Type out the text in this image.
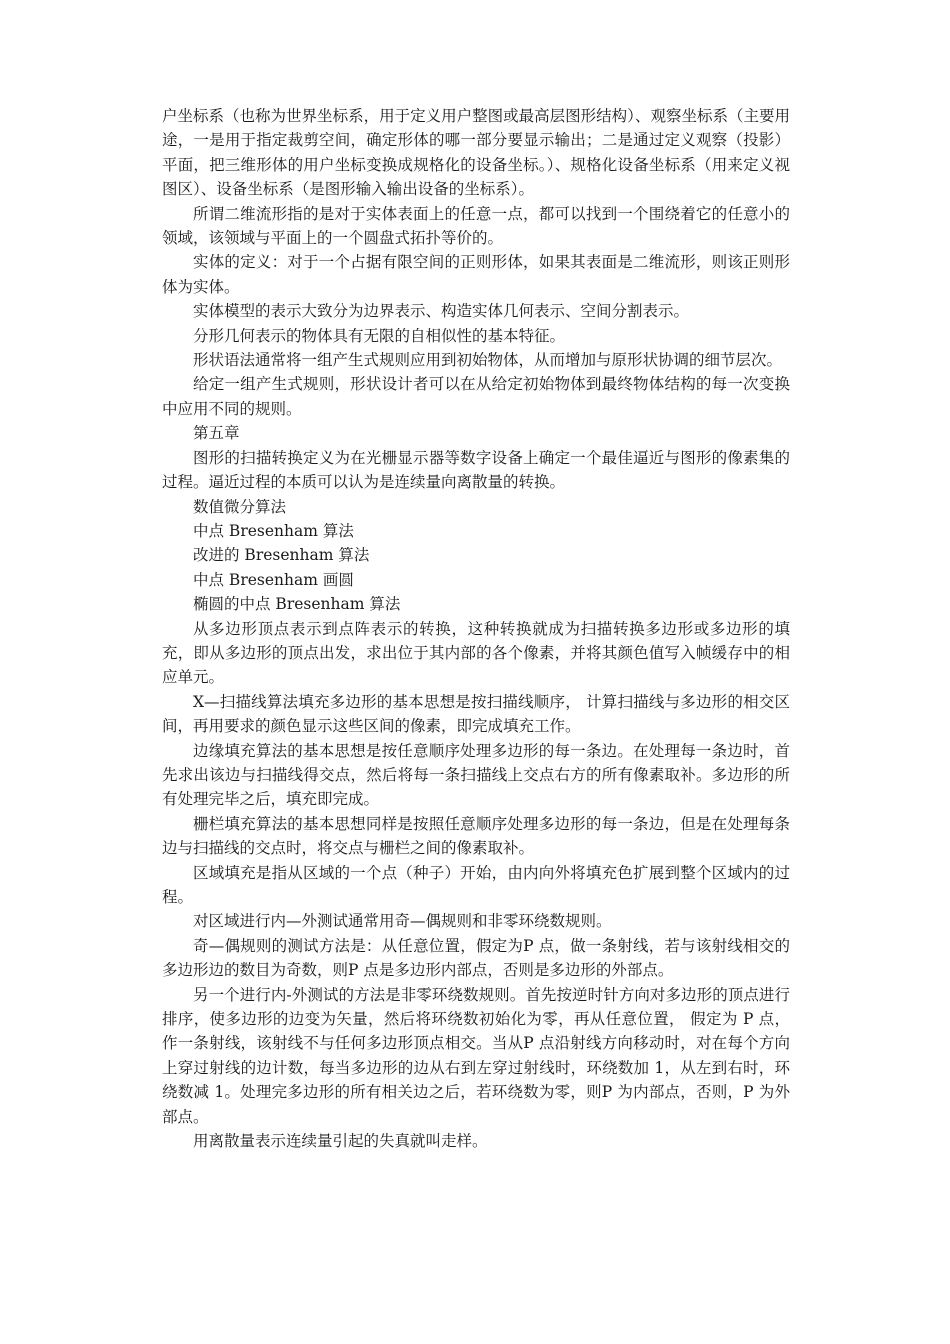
户坐标系（也称为世界坐标系，用于定义用户整图或最高层图形结构）、观察坐标系（主要用途，一是用于指定裁剪空间，确定形体的哪一部分要显示输出；二是通过定义观察（投影）平面，把三维形体的用户坐标变换成规格化的设备坐标。）、规格化设备坐标系（用来定义视图区）、设备坐标系（是图形输入输出设备的坐标系）。

所谓二维流形指的是对于实体表面上的任意一点，都可以找到一个围绕着它的任意小的领域，该领域与平面上的一个圆盘式拓扑等价的。

实体的定义：对于一个占据有限空间的正则形体，如果其表面是二维流形，则该正则形体为实体。

实体模型的表示大致分为边界表示、构造实体几何表示、空间分割表示。

分形几何表示的物体具有无限的自相似性的基本特征。

形状语法通常将一组产生式规则应用到初始物体，从而增加与原形状协调的细节层次。

给定一组产生式规则，形状设计者可以在从给定初始物体到最终物体结构的每一次变换中应用不同的规则。

第五章

图形的扫描转换定义为在光栅显示器等数字设备上确定一个最佳逼近与图形的像素集的过程。逼近过程的本质可以认为是连续量向离散量的转换。

数值微分算法

中点 Bresenham 算法

改进的 Bresenham 算法

中点 Bresenham 画圆

椭圆的中点 Bresenham 算法

从多边形顶点表示到点阵表示的转换，这种转换就成为扫描转换多边形或多边形的填充，即从多边形的顶点出发，求出位于其内部的各个像素，并将其颜色值写入帧缓存中的相应单元。

X—扫描线算法填充多边形的基本思想是按扫描线顺序， 计算扫描线与多边形的相交区间，再用要求的颜色显示这些区间的像素，即完成填充工作。

边缘填充算法的基本思想是按任意顺序处理多边形的每一条边。在处理每一条边时，首先求出该边与扫描线得交点，然后将每一条扫描线上交点右方的所有像素取补。多边形的所有处理完毕之后，填充即完成。

栅栏填充算法的基本思想同样是按照任意顺序处理多边形的每一条边，但是在处理每条边与扫描线的交点时，将交点与栅栏之间的像素取补。

区域填充是指从区域的一个点（种子）开始，由内向外将填充色扩展到整个区域内的过程。

对区域进行内—外测试通常用奇—偶规则和非零环绕数规则。

奇—偶规则的测试方法是：从任意位置，假定为P 点，做一条射线，若与该射线相交的多边形边的数目为奇数，则P 点是多边形内部点，否则是多边形的外部点。

另一个进行内-外测试的方法是非零环绕数规则。首先按逆时针方向对多边形的顶点进行排序，使多边形的边变为矢量，然后将环绕数初始化为零，再从任意位置， 假定为 P 点，作一条射线，该射线不与任何多边形顶点相交。当从P 点沿射线方向移动时，对在每个方向上穿过射线的边计数，每当多边形的边从右到左穿过射线时，环绕数加 1，从左到右时，环绕数减 1。处理完多边形的所有相关边之后，若环绕数为零，则P 为内部点，否则，P 为外部点。

用离散量表示连续量引起的失真就叫走样。
